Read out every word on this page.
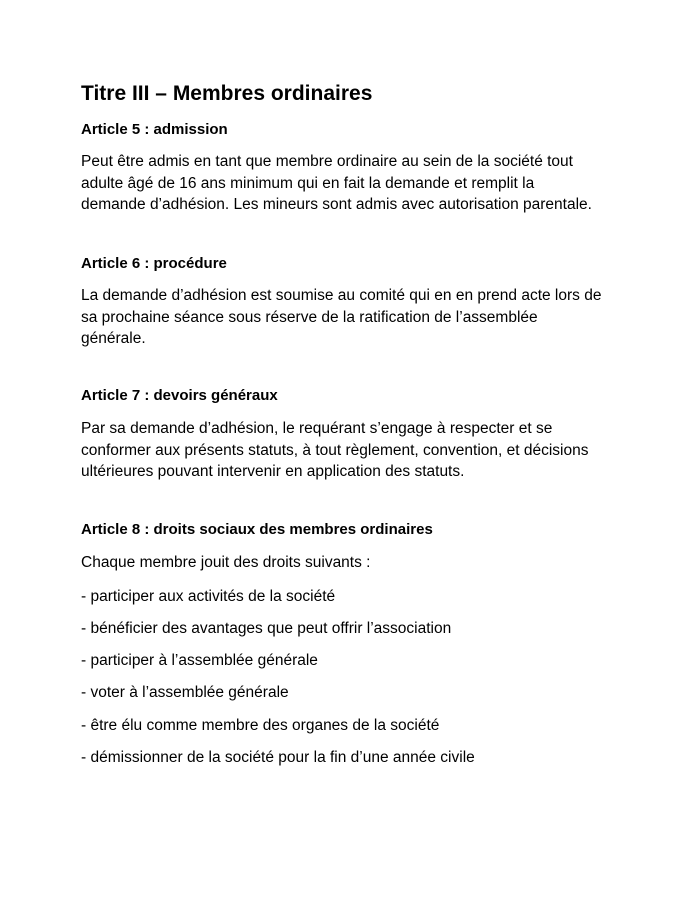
Titre III – Membres ordinaires
Article 5 : admission

Peut être admis en tant que membre ordinaire au sein de la société tout
adulte âgé de 16 ans minimum qui en fait la demande et remplit la
demande d’adhésion. Les mineurs sont admis avec autorisation parentale.

Article 6 : procédure

La demande d’adhésion est soumise au comité qui en en prend acte lors de
sa prochaine séance sous réserve de la ratification de l’assemblée
générale.

Article 7 : devoirs généraux

Par sa demande d’adhésion, le requérant s’engage à respecter et se
conformer aux présents statuts, à tout règlement, convention, et décisions
ultérieures pouvant intervenir en application des statuts.

Article 8 : droits sociaux des membres ordinaires

Chaque membre jouit des droits suivants :

- participer aux activités de la société

- bénéficier des avantages que peut offrir l’association

- participer à l’assemblée générale

- voter à l’assemblée générale

- être élu comme membre des organes de la société

- démissionner de la société pour la fin d’une année civile
